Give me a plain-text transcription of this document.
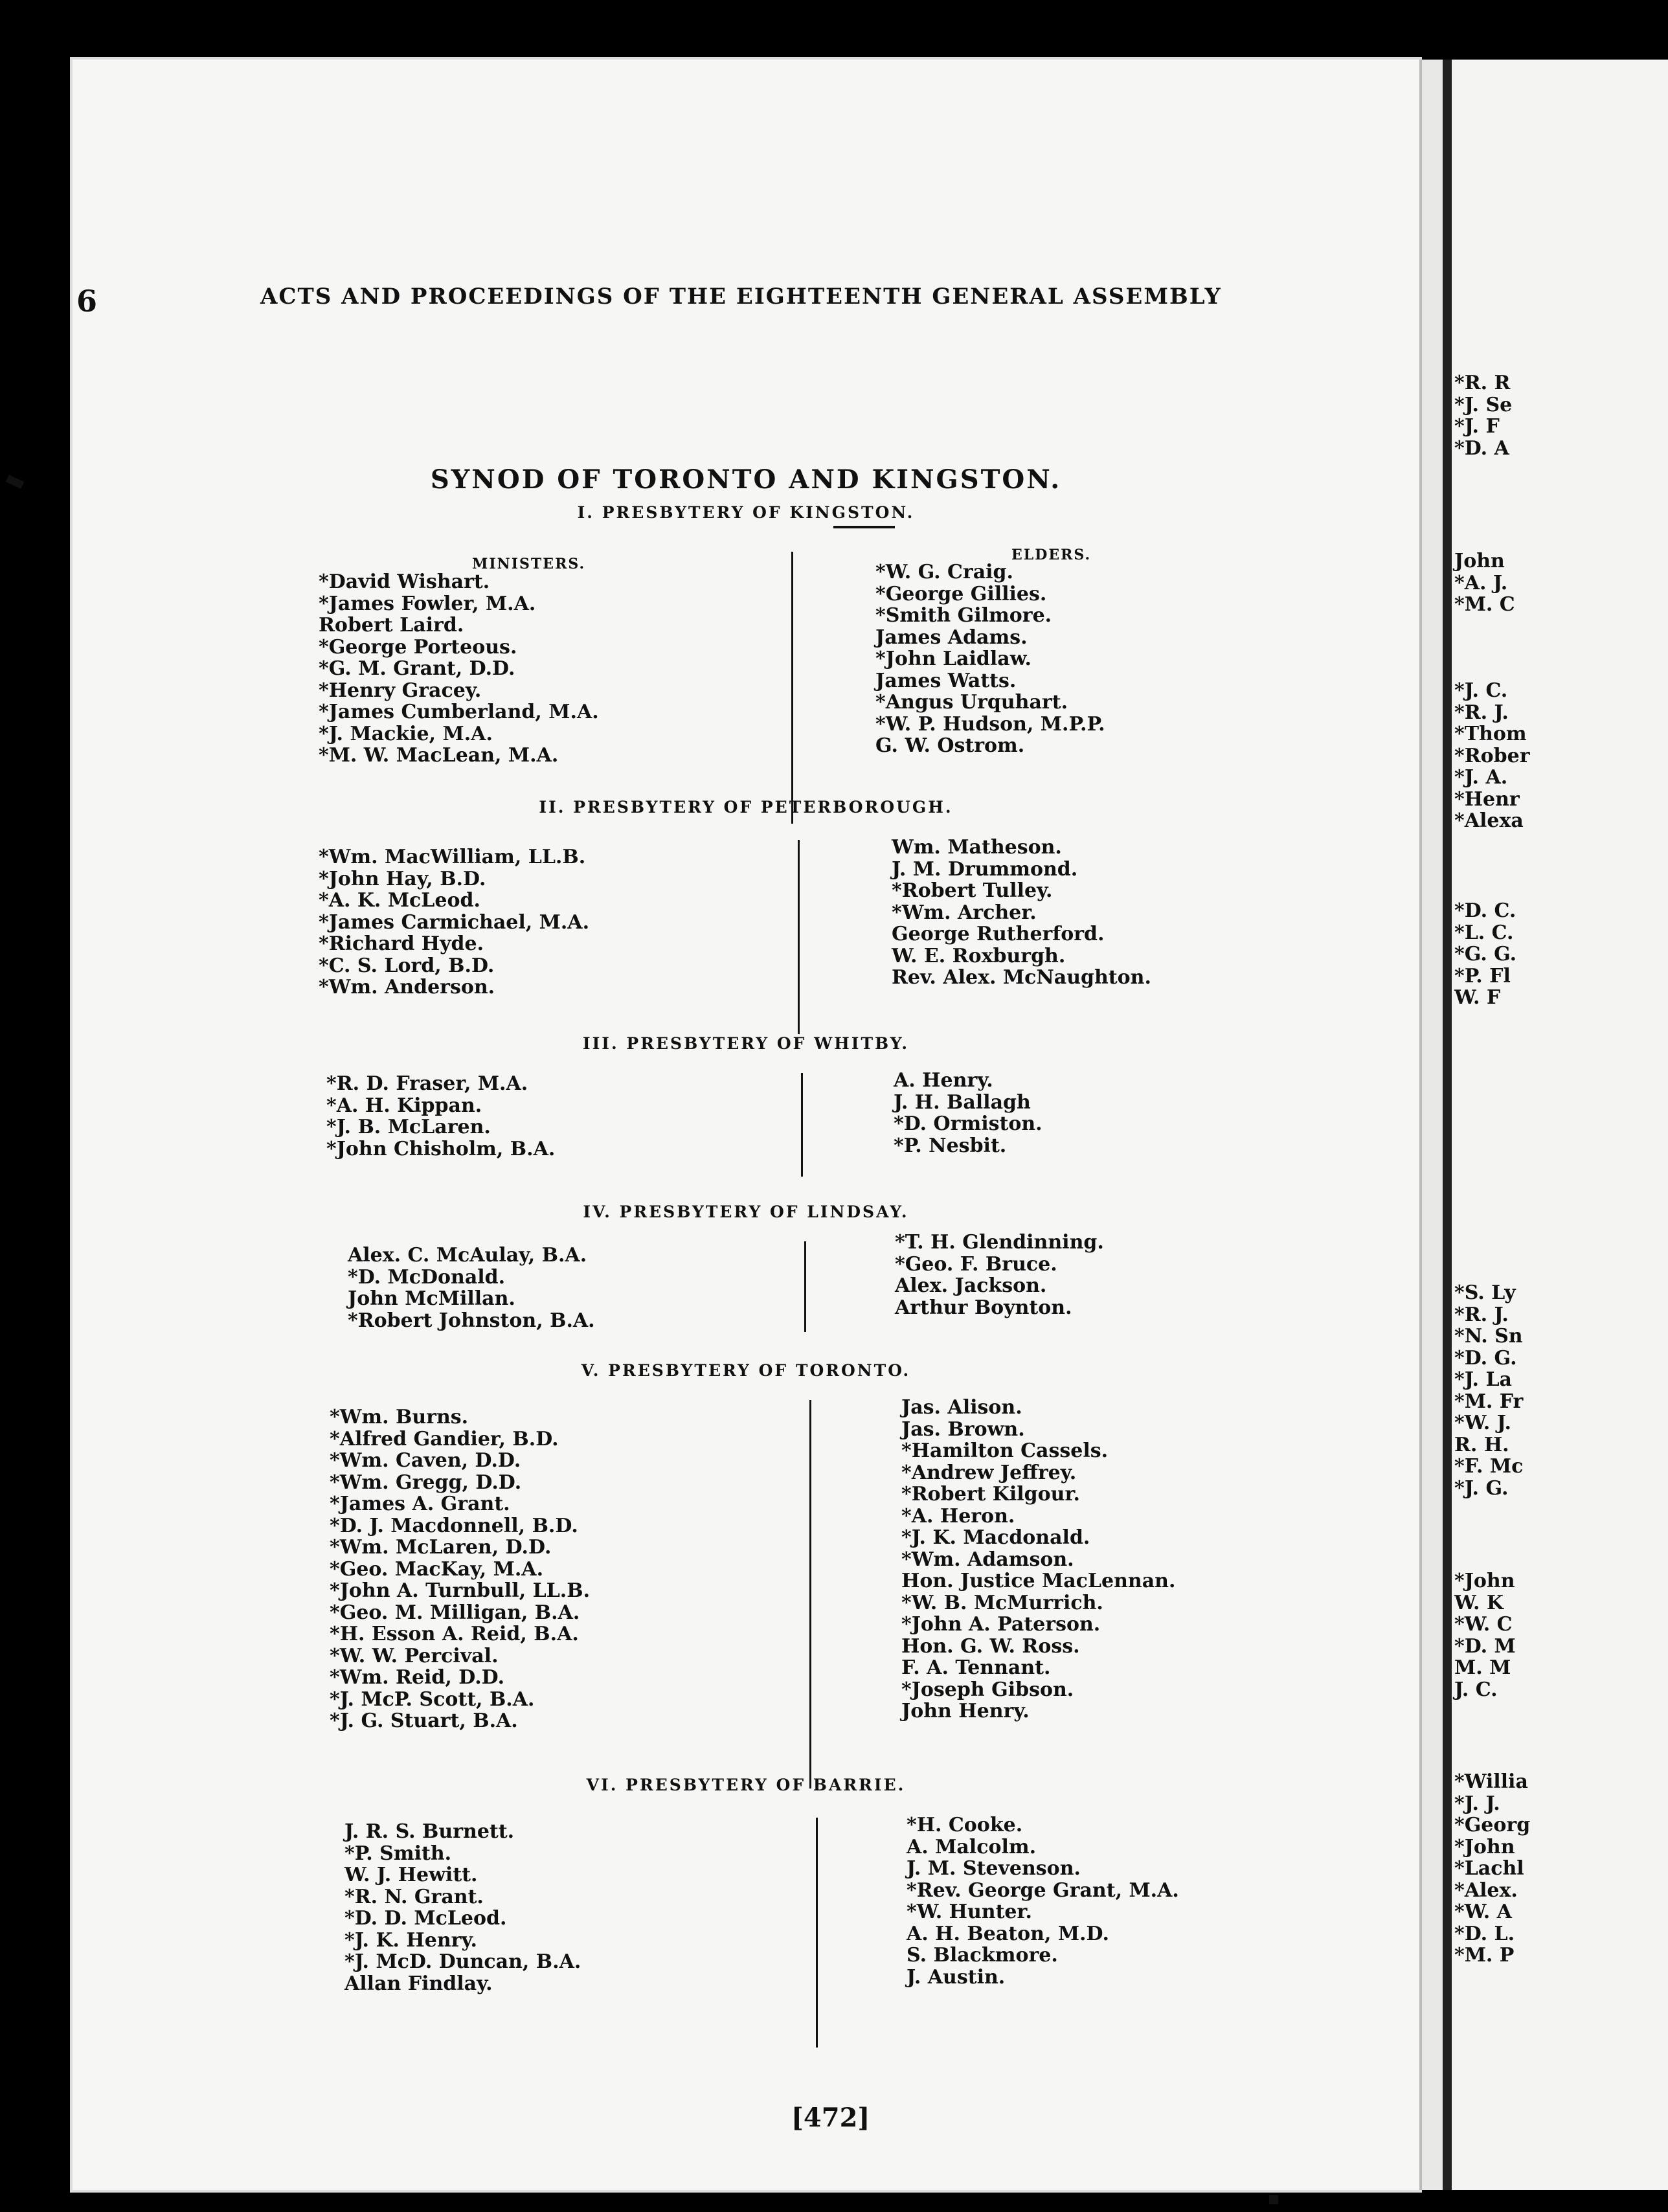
6	ACTS AND PROCEEDINGS OF THE EIGHTEENTH GENERAL ASSEMBLY
SYNOD OF TORONTO AND KINGSTON.
MINISTERS.
ELDERS.
I. PRESBYTERY OF KINGSTON.
*David Wishart.
*James Fowler, M.A.
Robert Laird.
*George Porteous.
*G. M. Grant, D.D.
*Henry Gracey.
*James Cumberland, M.A.
*J. Mackie, M.A.
*M. W. MacLean, M.A.
*W. G. Craig.
*George Gillies.
*Smith Gilmore.
James Adams.
*John Laidlaw.
James Watts.
*Angus Urquhart.
*W. P. Hudson, M.P.P.
G. W. Ostrom.
II. PRESBYTERY OF PETERBOROUGH.
*Wm. MacWilliam, LL.B.
*John Hay, B.D.
*A. K. McLeod.
*James Carmichael, M.A.
*Richard Hyde.
*C. S. Lord, B.D.
*Wm. Anderson.
Wm. Matheson.
J. M. Drummond.
*Robert Tulley.
*Wm. Archer.
George Rutherford.
W. E. Roxburgh.
Rev. Alex. McNaughton.
III. PRESBYTERY OF WHITBY.
*R. D. Fraser, M.A.
*A. H. Kippan.
*J. B. McLaren.
*John Chisholm, B.A.
A. Henry.
J. H. Ballagh
*D. Ormiston.
*P. Nesbit.
IV. PRESBYTERY OF LINDSAY.
Alex. C. McAulay, B.A.
*D. McDonald.
John McMillan.
*Robert Johnston, B.A.
*T. H. Glendinning.
*Geo. F. Bruce.
Alex. Jackson.
Arthur Boynton.
V. PRESBYTERY OF TORONTO.
*Wm. Burns.
*Alfred Gandier, B.D.
*Wm. Caven, D.D.
*Wm. Gregg, D.D.
*James A. Grant.
*D. J. Macdonnell, B.D.
*Wm. McLaren, D.D.
*Geo. MacKay, M.A.
*John A. Turnbull, LL.B.
*Geo. M. Milligan, B.A.
*H. Esson A. Reid, B.A.
*W. W. Percival.
*Wm. Reid, D.D.
*J. McP. Scott, B.A.
*J. G. Stuart, B.A.
Jas. Alison.
Jas. Brown.
*Hamilton Cassels.
*Andrew Jeffrey.
*Robert Kilgour.
*A. Heron.
*J. K. Macdonald.
*Wm. Adamson.
Hon. Justice MacLennan.
*W. B. McMurrich.
*John A. Paterson.
Hon. G. W. Ross.
F. A. Tennant.
*Joseph Gibson.
John Henry.
VI. PRESBYTERY OF BARRIE.
J. R. S. Burnett.
*P. Smith.
W. J. Hewitt.
*R. N. Grant.
*D. D. McLeod.
*J. K. Henry.
*J. McD. Duncan, B.A.
Allan Findlay.
*H. Cooke.
A. Malcolm.
J. M. Stevenson.
*Rev. George Grant, M.A.
*W. Hunter.
A. H. Beaton, M.D.
S. Blackmore.
J. Austin.
[472]
*R. R
*J. Se
*J. F
*D. A
John
*A. J.
*M. C
*J. C.
*R. J.
*Thom
*Rober
*J. A.
*Henr
*Alexa
*D. C.
*L. C.
*G. G.
*P. Fl
W. F
*S. Ly
*R. J.
*N. Sn
*D. G.
*J. La
*M. Fr
*W. J.
R. H.
*F. Mc
*J. G.
*John
W. K
*W. C
*D. M
M. M
J. C.
*Willia
*J. J.
*Georg
*John
*Lachl
*Alex.
*W. A
*D. L.
*M. P
